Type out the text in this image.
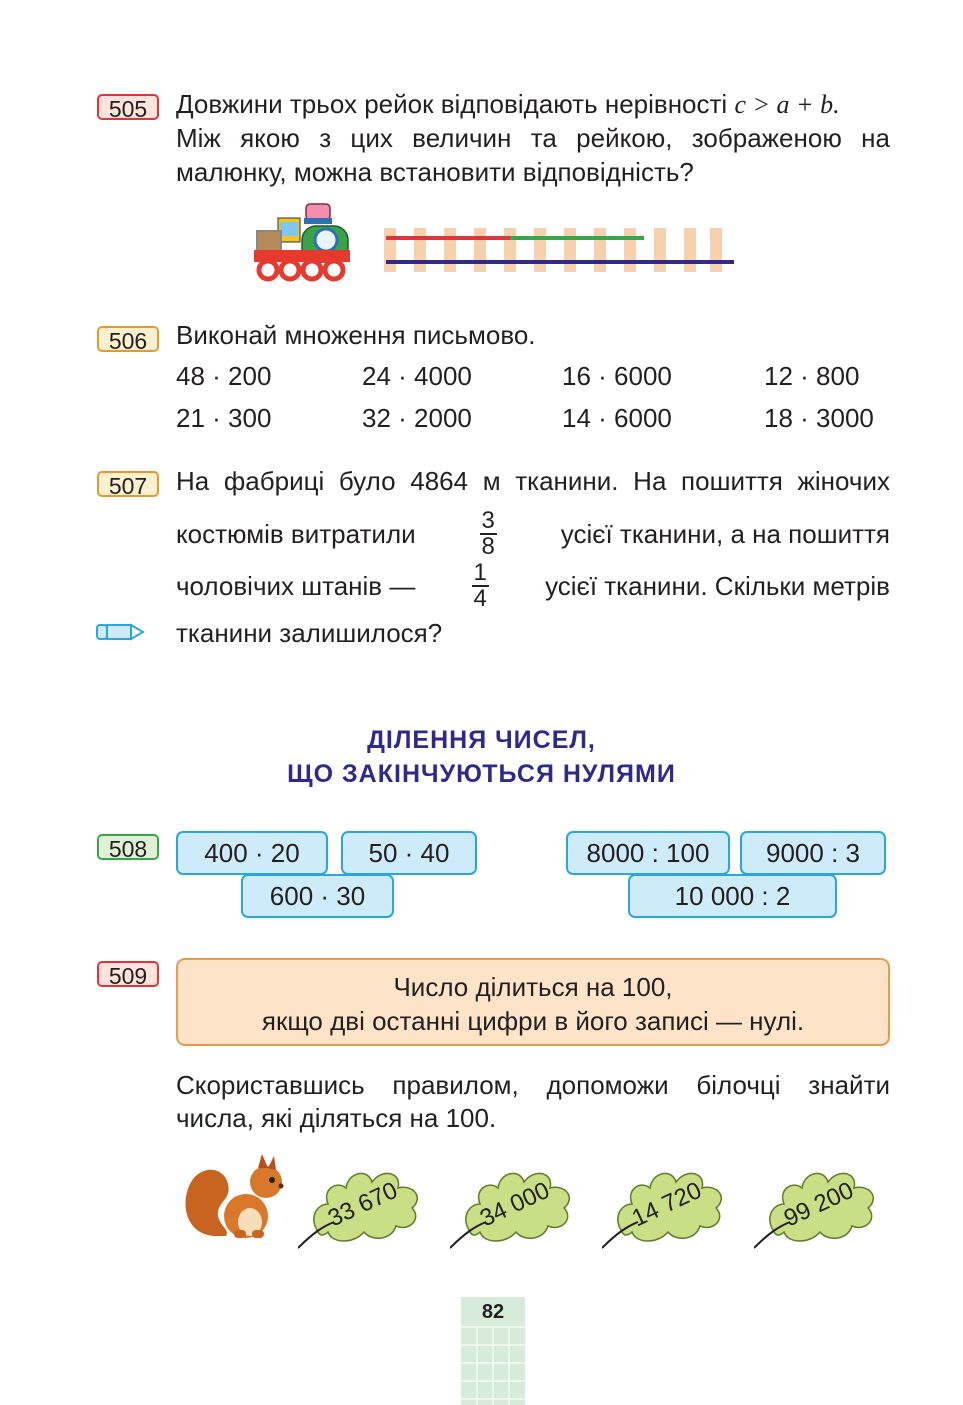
505	Довжини трьох рейок відповідають нерівності c > a + b.
Між якою з цих величин та рейкою, зображеною на
малюнку, можна встановити відповідність?
506	Виконай множення письмово.
48 · 200	24 · 4000	16 · 6000	12 · 800
21 · 300	32 · 2000	14 · 6000	18 · 3000
507	На фабриці було 4864 м тканини. На пошиття жіночих
костюмів витратили	$\frac{3}{8}$ усієї тканини, а на пошиття
чоловічих штанів — $\frac{1}{4}$ усієї тканини. Скільки метрів
тканини залишилося?
ДІЛЕННЯ ЧИСЕЛ,
ЩО ЗАКІНЧУЮТЬСЯ НУЛЯМИ
508	400 · 20	50 · 40
600 · 30
8000 : 100	9000 : 3
10 000 : 2
509	Число ділиться на 100,
якщо дві останні цифри в його записі — нулі.
Скориставшись правилом, допоможи білочці знайти
числа, які діляться на 100.
33 670	34 000	14 720	99 200
82
